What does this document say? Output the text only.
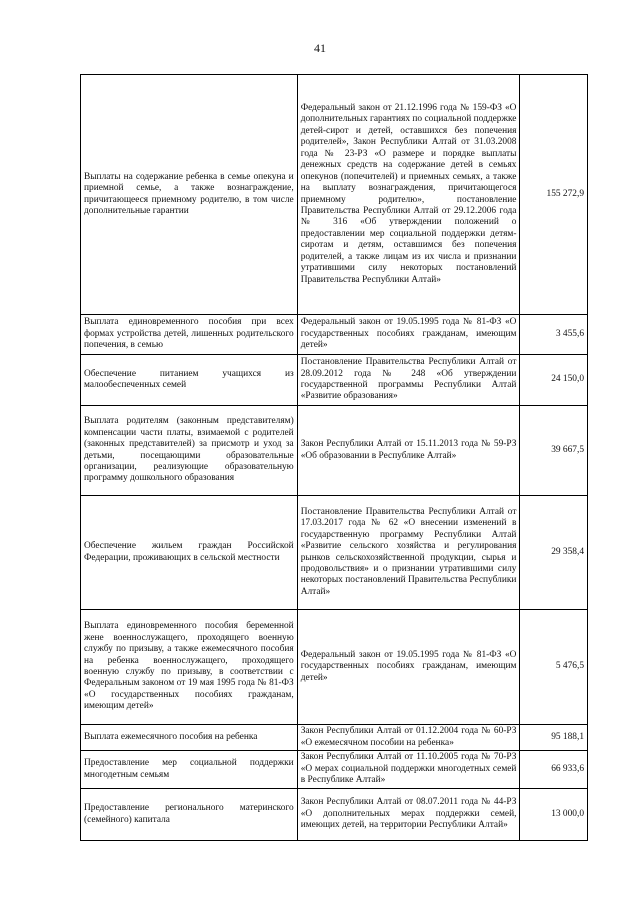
41
Выплаты на содержание ребенка в семье опекуна и приемной семье, а также вознаграждение, причитающееся приемному родителю, в том числе дополнительные гарантии	Федеральный закон от 21.12.1996 года № 159-ФЗ «О дополнительных гарантиях по социальной поддержке детей-сирот и детей, оставшихся без попечения родителей», Закон Республики Алтай от 31.03.2008 года № 23-РЗ «О размере и порядке выплаты денежных средств на содержание детей в семьях опекунов (попечителей) и приемных семьях, а также на выплату вознаграждения, причитающегося приемному родителю», постановление Правительства Республики Алтай от 29.12.2006 года № 316 «Об утверждении положений о предоставлении мер социальной поддержки детям-сиротам и детям, оставшимся без попечения родителей, а также лицам из их числа и признании утратившими силу некоторых постановлений Правительства Республики Алтай»	155 272,9
Выплата единовременного пособия при всех формах устройства детей, лишенных родительского попечения, в семью	Федеральный закон от 19.05.1995 года № 81-ФЗ «О государственных пособиях гражданам, имеющим детей»	3 455,6
Обеспечение питанием учащихся из малообеспеченных семей	Постановление Правительства Республики Алтай от 28.09.2012 года № 248 «Об утверждении государственной программы Республики Алтай «Развитие образования»	24 150,0
Выплата родителям (законным представителям) компенсации части платы, взимаемой с родителей (законных представителей) за присмотр и уход за детьми, посещающими образовательные организации, реализующие образовательную программу дошкольного образования	Закон Республики Алтай от 15.11.2013 года № 59-РЗ «Об образовании в Республике Алтай»	39 667,5
Обеспечение жильем граждан Российской Федерации, проживающих в сельской местности	Постановление Правительства Республики Алтай от 17.03.2017 года № 62 «О внесении изменений в государственную программу Республики Алтай «Развитие сельского хозяйства и регулирования рынков сельскохозяйственной продукции, сырья и продовольствия» и о признании утратившими силу некоторых постановлений Правительства Республики Алтай»	29 358,4
Выплата единовременного пособия беременной жене военнослужащего, проходящего военную службу по призыву, а также ежемесячного пособия на ребенка военнослужащего, проходящего военную службу по призыву, в соответствии с Федеральным законом от 19 мая 1995 года № 81-ФЗ «О государственных пособиях гражданам, имеющим детей»	Федеральный закон от 19.05.1995 года № 81-ФЗ «О государственных пособиях гражданам, имеющим детей»	5 476,5
Выплата ежемесячного пособия на ребенка	Закон Республики Алтай от 01.12.2004 года № 60-РЗ «О ежемесячном пособии на ребенка»	95 188,1
Предоставление мер социальной поддержки многодетным семьям	Закон Республики Алтай от 11.10.2005 года № 70-РЗ «О мерах социальной поддержки многодетных семей в Республике Алтай»	66 933,6
Предоставление регионального материнского (семейного) капитала	Закон Республики Алтай от 08.07.2011 года № 44-РЗ «О дополнительных мерах поддержки семей, имеющих детей, на территории Республики Алтай»	13 000,0
